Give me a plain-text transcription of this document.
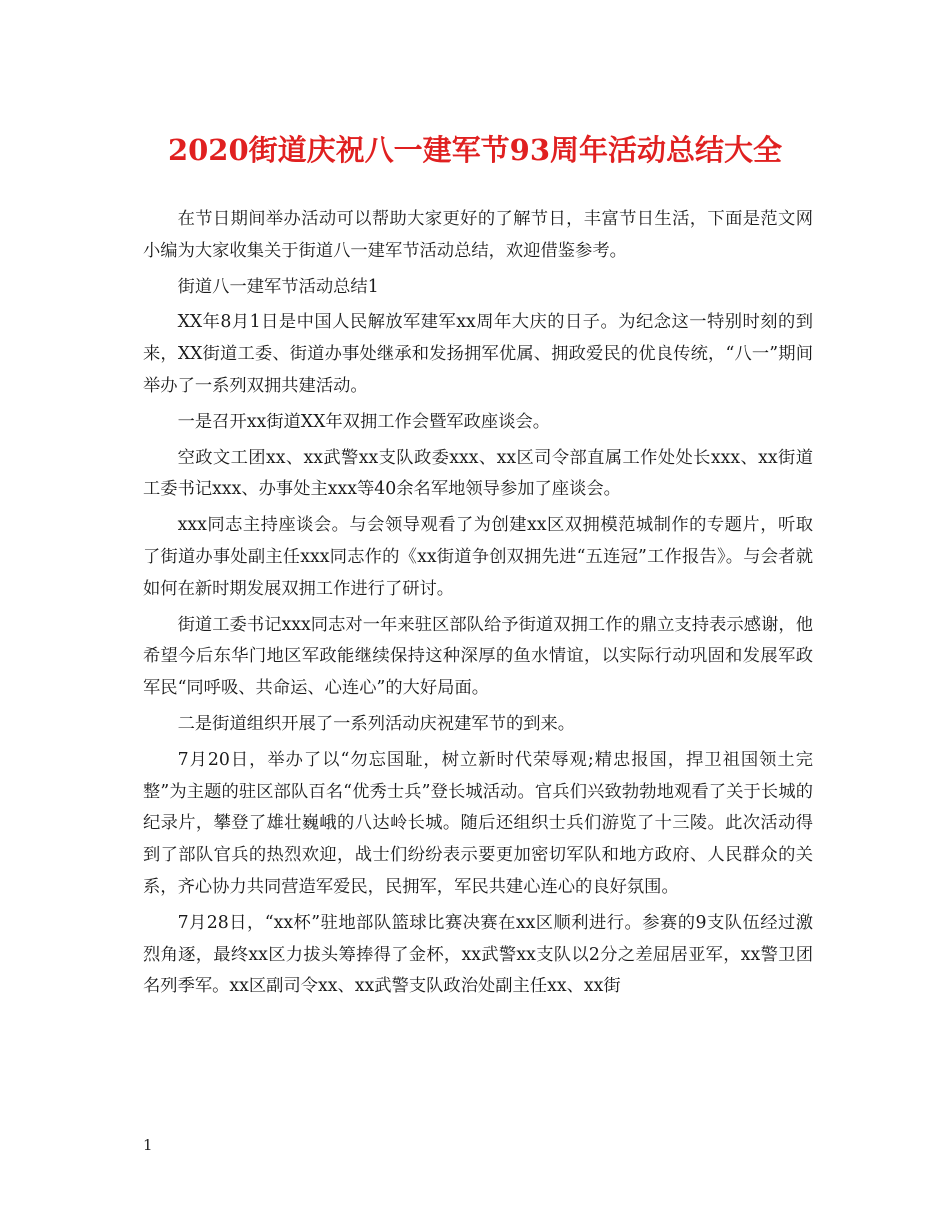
2020街道庆祝八一建军节93周年活动总结大全

在节日期间举办活动可以帮助大家更好的了解节日，丰富节日生活，下面是范文网小编为大家收集关于街道八一建军节活动总结，欢迎借鉴参考。

街道八一建军节活动总结1

XX年8月1日是中国人民解放军建军xx周年大庆的日子。为纪念这一特别时刻的到来，XX街道工委、街道办事处继承和发扬拥军优属、拥政爱民的优良传统，“八一”期间举办了一系列双拥共建活动。

一是召开xx街道XX年双拥工作会暨军政座谈会。

空政文工团xx、xx武警xx支队政委xxx、xx区司令部直属工作处处长xxx、xx街道工委书记xxx、办事处主xxx等40余名军地领导参加了座谈会。

xxx同志主持座谈会。与会领导观看了为创建xx区双拥模范城制作的专题片，听取了街道办事处副主任xxx同志作的《xx街道争创双拥先进“五连冠”工作报告》。与会者就如何在新时期发展双拥工作进行了研讨。

街道工委书记xxx同志对一年来驻区部队给予街道双拥工作的鼎立支持表示感谢，他希望今后东华门地区军政能继续保持这种深厚的鱼水情谊，以实际行动巩固和发展军政军民“同呼吸、共命运、心连心”的大好局面。

二是街道组织开展了一系列活动庆祝建军节的到来。

7月20日，举办了以“勿忘国耻，树立新时代荣辱观;精忠报国，捍卫祖国领土完整”为主题的驻区部队百名“优秀士兵”登长城活动。官兵们兴致勃勃地观看了关于长城的纪录片，攀登了雄壮巍峨的八达岭长城。随后还组织士兵们游览了十三陵。此次活动得到了部队官兵的热烈欢迎，战士们纷纷表示要更加密切军队和地方政府、人民群众的关系，齐心协力共同营造军爱民，民拥军，军民共建心连心的良好氛围。

7月28日，“xx杯”驻地部队篮球比赛决赛在xx区顺利进行。参赛的9支队伍经过激烈角逐，最终xx区力拔头筹捧得了金杯，xx武警xx支队以2分之差屈居亚军，xx警卫团名列季军。xx区副司令xx、xx武警支队政治处副主任xx、xx街

1
